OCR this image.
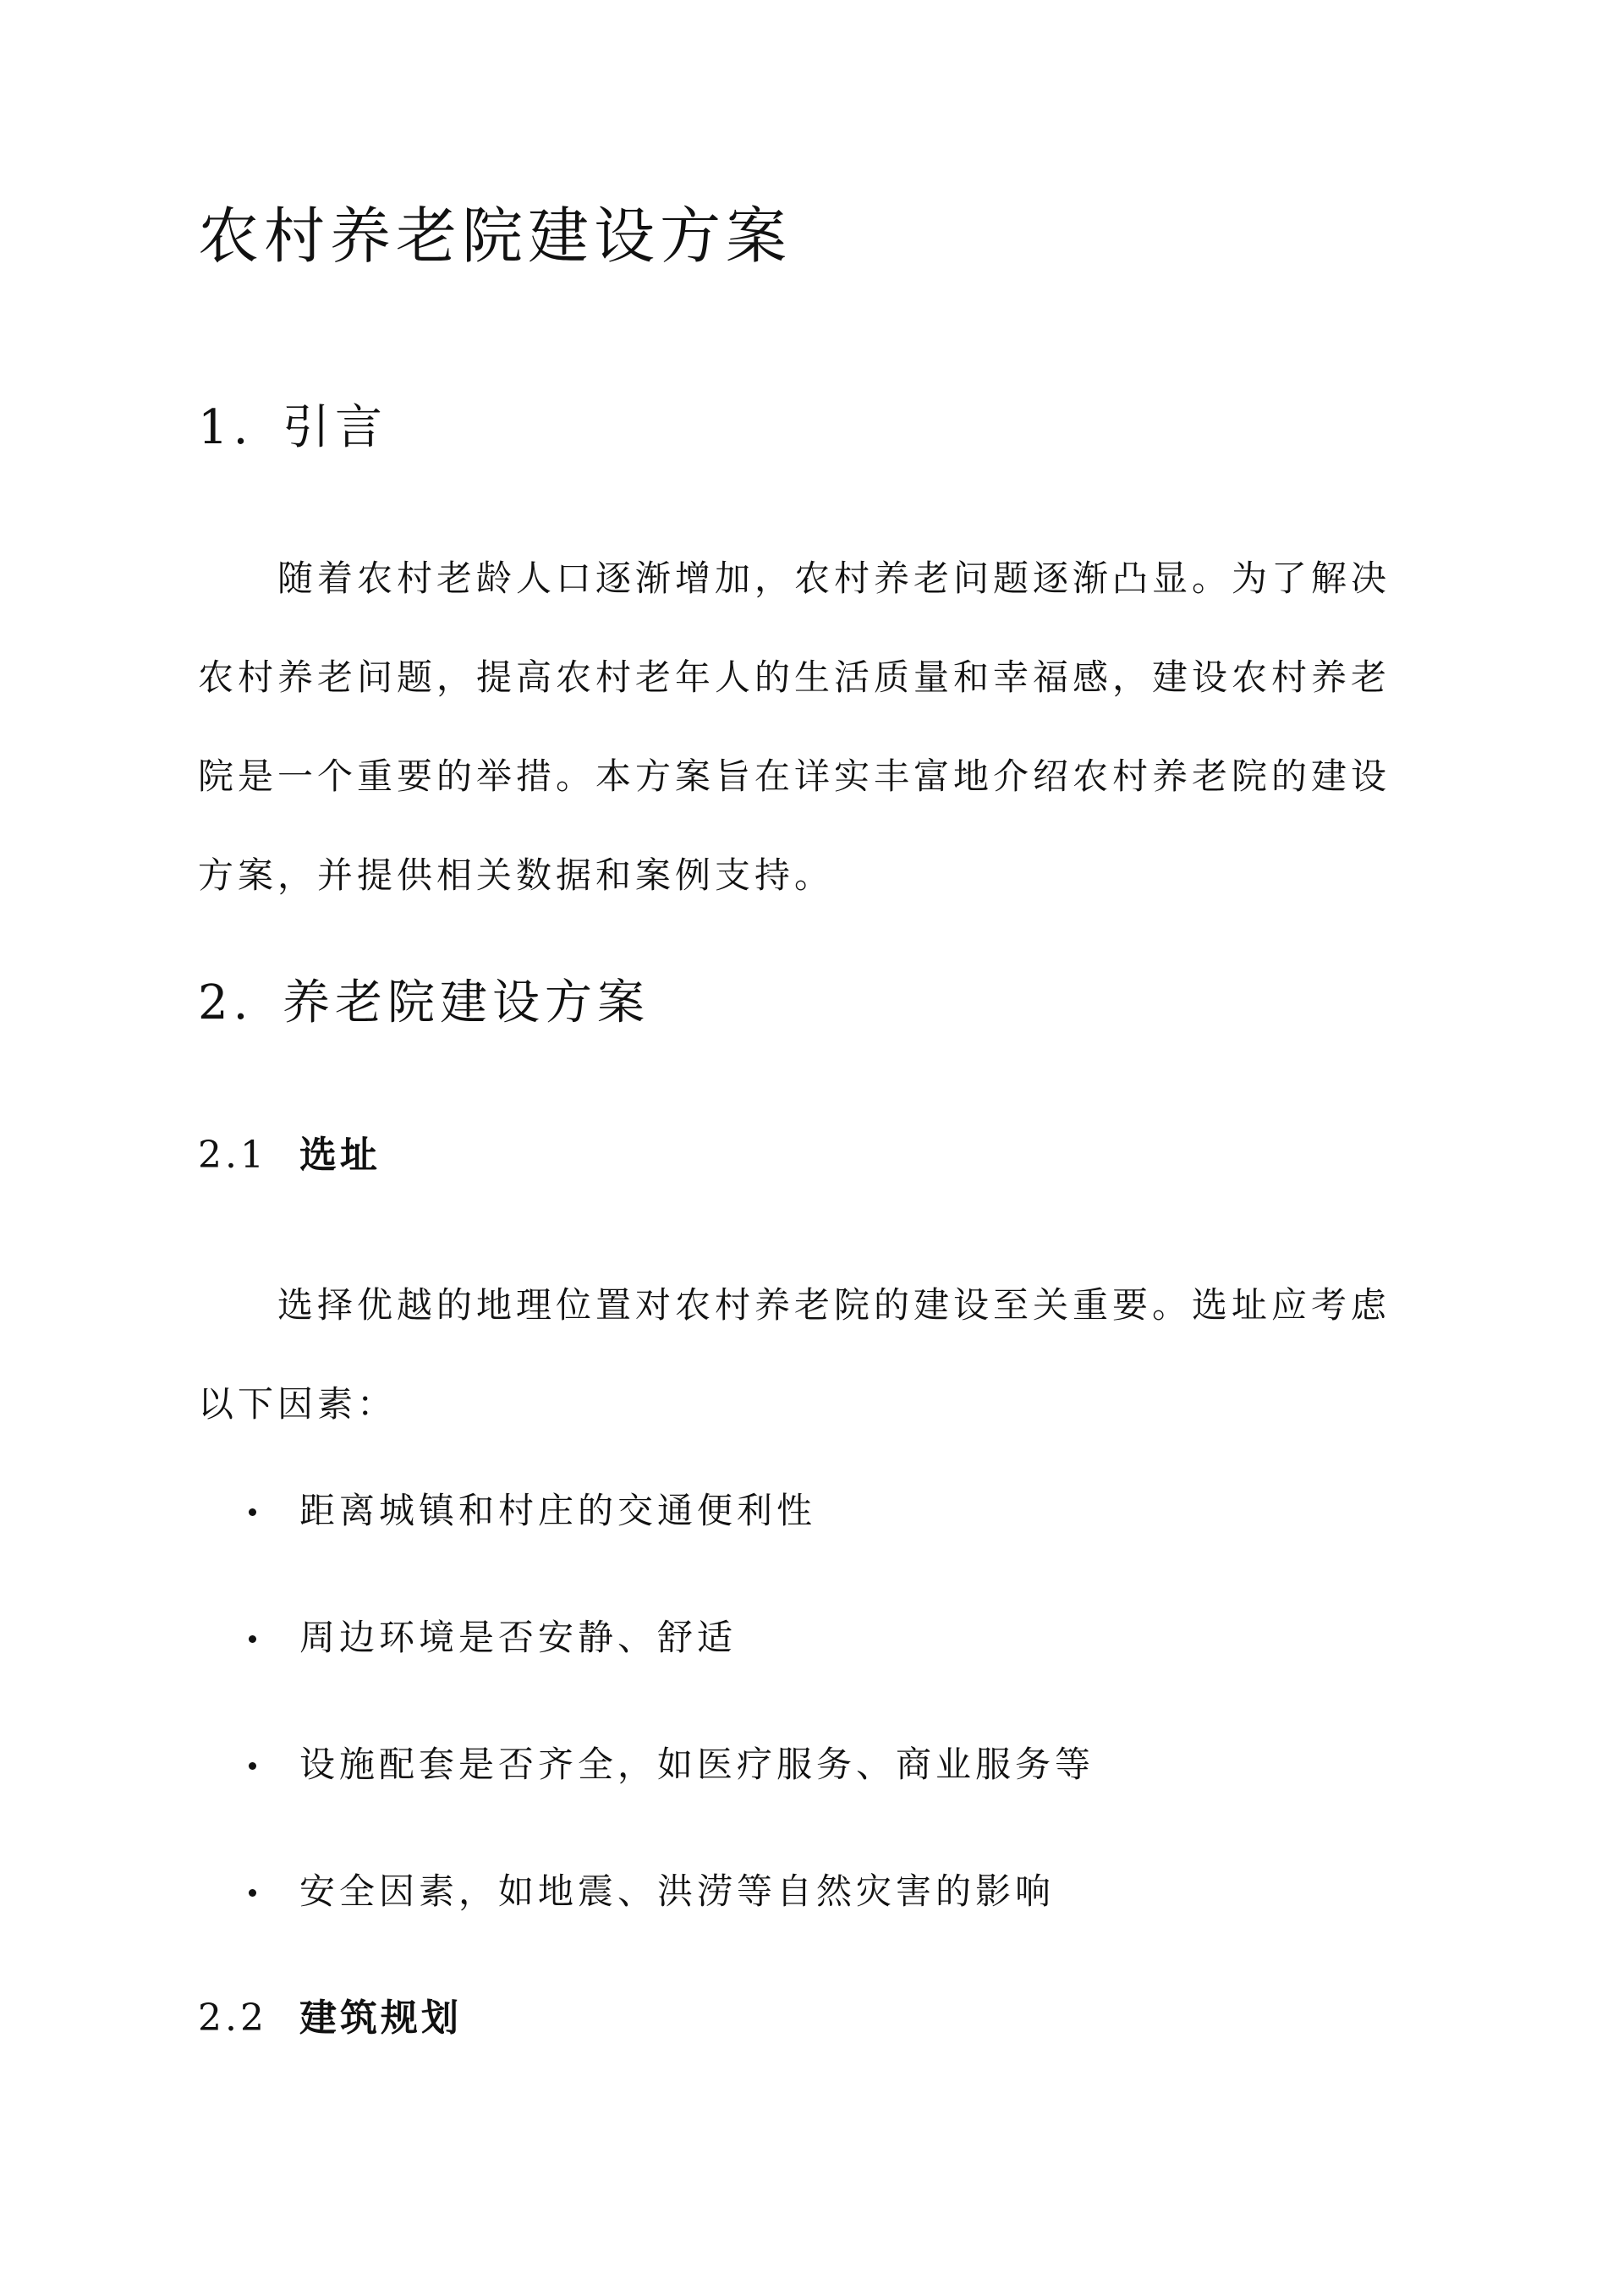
农村养老院建设方案
1. 引言

随着农村老龄人口逐渐增加，农村养老问题逐渐凸显。为了解决农村养老问题，提高农村老年人的生活质量和幸福感，建设农村养老院是一个重要的举措。本方案旨在详实丰富地介绍农村养老院的建设方案，并提供相关数据和案例支持。

2. 养老院建设方案
2.1 选址

选择优越的地理位置对农村养老院的建设至关重要。选址应考虑以下因素：

距离城镇和村庄的交通便利性
周边环境是否安静、舒适
设施配套是否齐全，如医疗服务、商业服务等
安全因素，如地震、洪涝等自然灾害的影响
2.2 建筑规划
